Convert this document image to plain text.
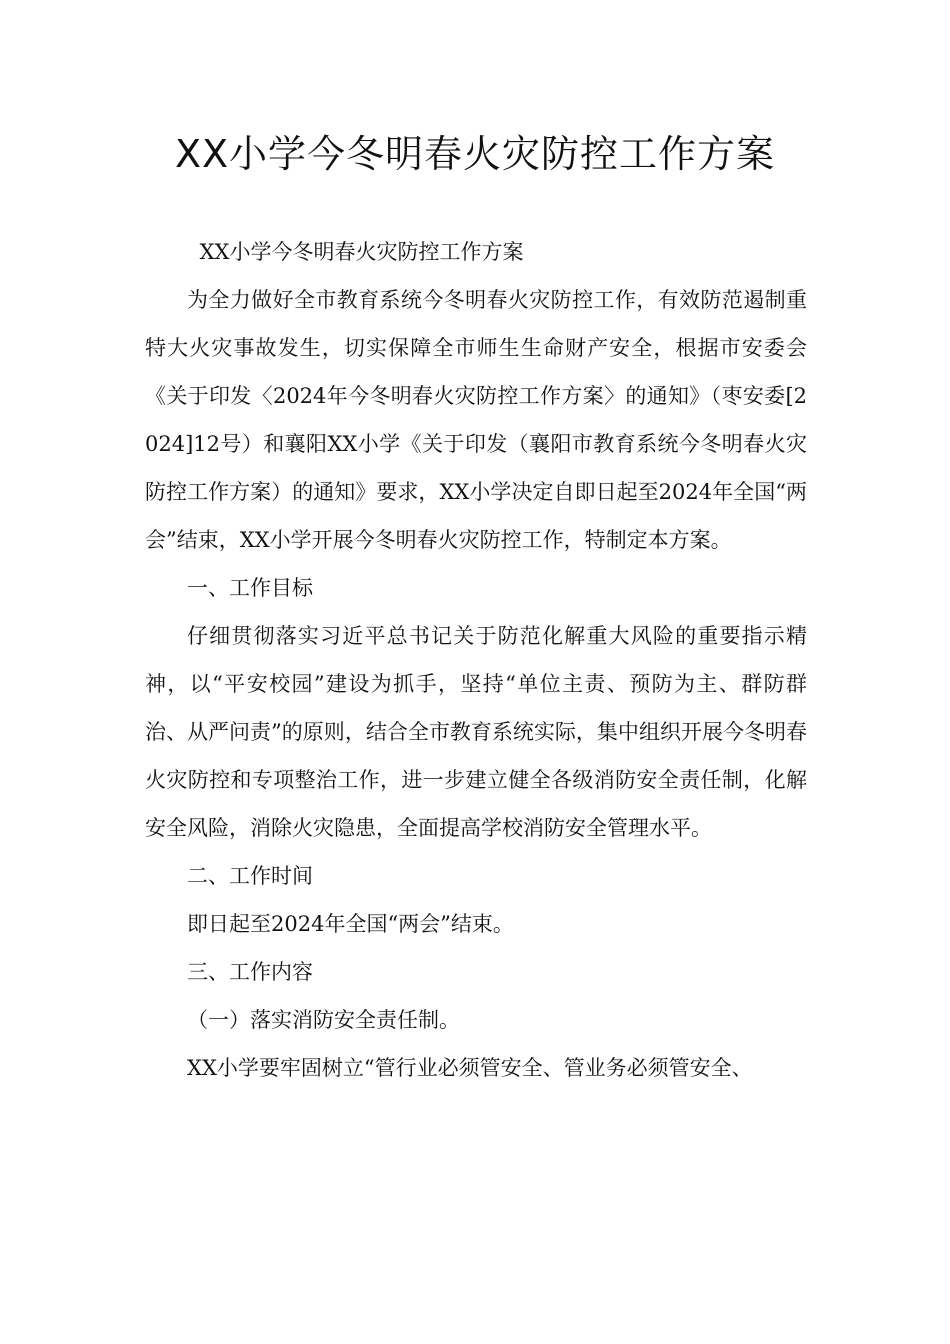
XX小学今冬明春火灾防控工作方案

XX小学今冬明春火灾防控工作方案

为全力做好全市教育系统今冬明春火灾防控工作，有效防范遏制重特大火灾事故发生，切实保障全市师生生命财产安全，根据市安委会《关于印发〈2024年今冬明春火灾防控工作方案〉的通知》（枣安委[2024]12号）和襄阳XX小学《关于印发（襄阳市教育系统今冬明春火灾防控工作方案）的通知》要求，XX小学决定自即日起至2024年全国“两会”结束，XX小学开展今冬明春火灾防控工作，特制定本方案。

一、工作目标

仔细贯彻落实习近平总书记关于防范化解重大风险的重要指示精神，以“平安校园”建设为抓手，坚持“单位主责、预防为主、群防群治、从严问责”的原则，结合全市教育系统实际，集中组织开展今冬明春火灾防控和专项整治工作，进一步建立健全各级消防安全责任制，化解安全风险，消除火灾隐患，全面提高学校消防安全管理水平。

二、工作时间

即日起至2024年全国“两会”结束。

三、工作内容

（一）落实消防安全责任制。

XX小学要牢固树立“管行业必须管安全、管业务必须管安全、
